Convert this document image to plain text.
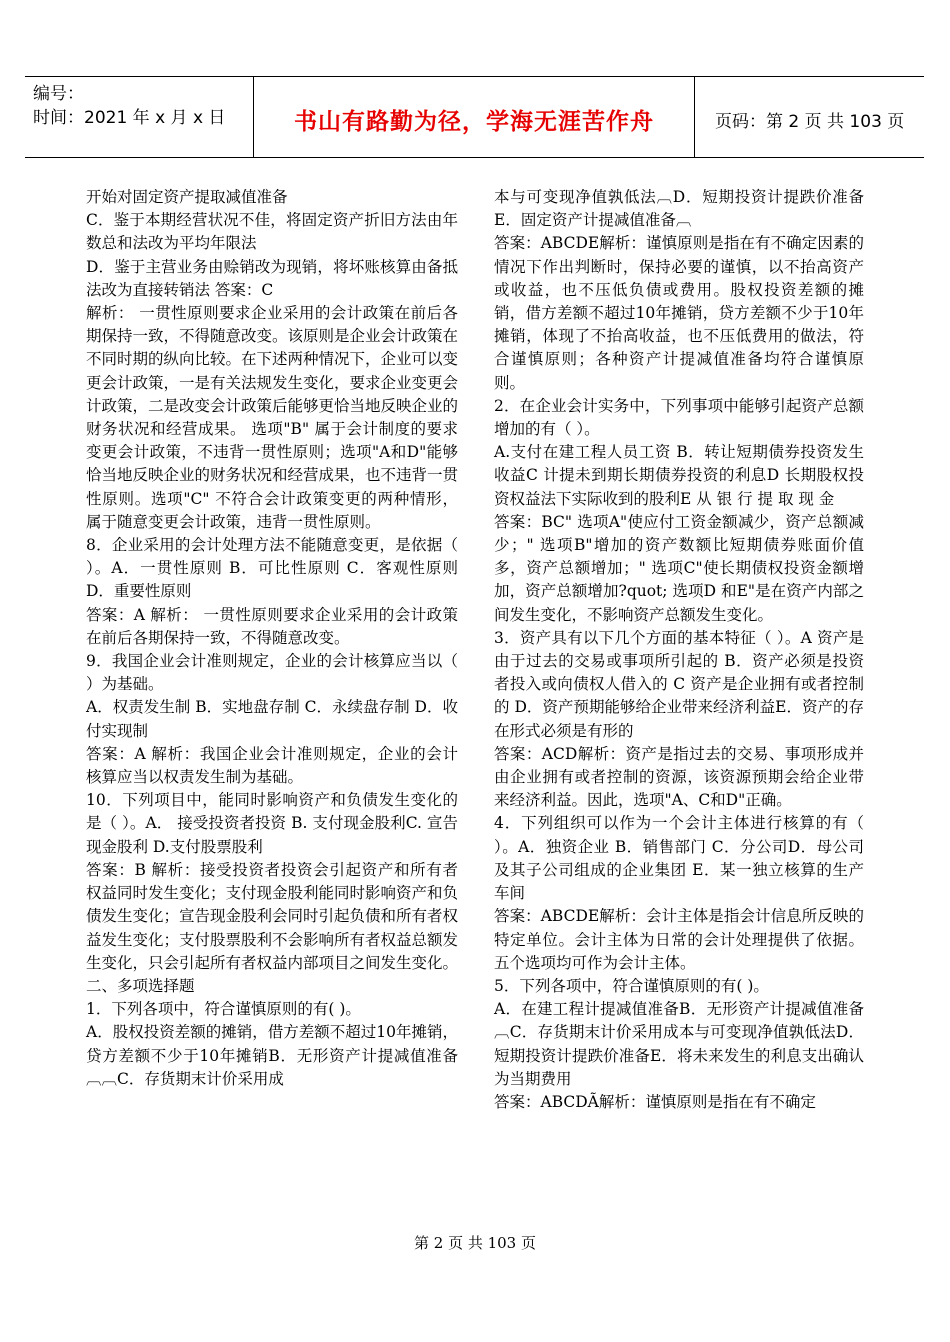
编号：
时间：2021 年 x 月 x 日	书山有路勤为径，学海无涯苦作舟	页码：第 2 页 共 103 页

开始对固定资产提取减值准备

C．鉴于本期经营状况不佳，将固定资产折旧方法由年数总和法改为平均年限法

D．鉴于主营业务由赊销改为现销，将坏账核算由备抵法改为直接转销法 答案：C

解析： 一贯性原则要求企业采用的会计政策在前后各期保持一致，不得随意改变。该原则是企业会计政策在不同时期的纵向比较。在下述两种情况下，企业可以变更会计政策，一是有关法规发生变化，要求企业变更会计政策，二是改变会计政策后能够更恰当地反映企业的财务状况和经营成果。 选项"B" 属于会计制度的要求变更会计政策，不违背一贯性原则；选项"A和D"能够恰当地反映企业的财务状况和经营成果，也不违背一贯性原则。选项"C" 不符合会计政策变更的两种情形，属于随意变更会计政策，违背一贯性原则。

8．企业采用的会计处理方法不能随意变更，是依据（ ）。A．一贯性原则 B．可比性原则 C．客观性原则 D．重要性原则

答案：A 解析： 一贯性原则要求企业采用的会计政策在前后各期保持一致，不得随意改变。

9．我国企业会计准则规定，企业的会计核算应当以（ ）为基础。

A．权责发生制 B．实地盘存制 C．永续盘存制 D．收付实现制

答案：A 解析：我国企业会计准则规定，企业的会计核算应当以权责发生制为基础。

10．下列项目中，能同时影响资产和负债发生变化的是（ ）。A． 接受投资者投资 B. 支付现金股利C. 宣告现金股利 D.支付股票股利

答案：B 解析：接受投资者投资会引起资产和所有者权益同时发生变化；支付现金股利能同时影响资产和负债发生变化；宣告现金股利会同时引起负债和所有者权益发生变化；支付股票股利不会影响所有者权益总额发生变化，只会引起所有者权益内部项目之间发生变化。

二、多项选择题

1．下列各项中，符合谨慎原则的有( )。

A．股权投资差额的摊销，借方差额不超过10年摊销，贷方差额不少于10年摊销B．无形资产计提减值准备︹︹C．存货期末计价采用成

本与可变现净值孰低法︹D．短期投资计提跌价准备E．固定资产计提减值准备︹

答案：ABCDE解析：谨慎原则是指在有不确定因素的情况下作出判断时，保持必要的谨慎，以不抬高资产或收益，也不压低负债或费用。股权投资差额的摊销，借方差额不超过10年摊销，贷方差额不少于10年摊销，体现了不抬高收益，也不压低费用的做法，符合谨慎原则；各种资产计提减值准备均符合谨慎原则。

2．在企业会计实务中，下列事项中能够引起资产总额增加的有（ ）。

A.支付在建工程人员工资 B．转让短期债券投资发生收益C 计提未到期长期债券投资的利息D 长期股权投资权益法下实际收到的股利E 从 银 行 提 取 现 金

答案：BC" 选项A"使应付工资金额减少，资产总额减少；" 选项B"增加的资产数额比短期债券账面价值多，资产总额增加；" 选项C"使长期债权投资金额增加，资产总额增加?quot; 选项D 和E"是在资产内部之间发生变化，不影响资产总额发生变化。

3．资产具有以下几个方面的基本特征（ ）。A 资产是由于过去的交易或事项所引起的 B．资产必须是投资者投入或向债权人借入的 C 资产是企业拥有或者控制的 D．资产预期能够给企业带来经济利益E．资产的存在形式必须是有形的

答案：ACD解析：资产是指过去的交易、事项形成并由企业拥有或者控制的资源，该资源预期会给企业带来经济利益。因此，选项"A、C和D"正确。

4．下列组织可以作为一个会计主体进行核算的有（ ）。A．独资企业 B．销售部门 C．分公司D．母公司及其子公司组成的企业集团 E．某一独立核算的生产车间

答案：ABCDE解析：会计主体是指会计信息所反映的特定单位。会计主体为日常的会计处理提供了依据。 五个选项均可作为会计主体。

5．下列各项中，符合谨慎原则的有( )。

A．在建工程计提减值准备B．无形资产计提减值准备︹C．存货期末计价采用成本与可变现净值孰低法D．短期投资计提跌价准备E．将未来发生的利息支出确认为当期费用

答案：ABCDÃ解析：谨慎原则是指在有不确定

第 2 页 共 103 页
